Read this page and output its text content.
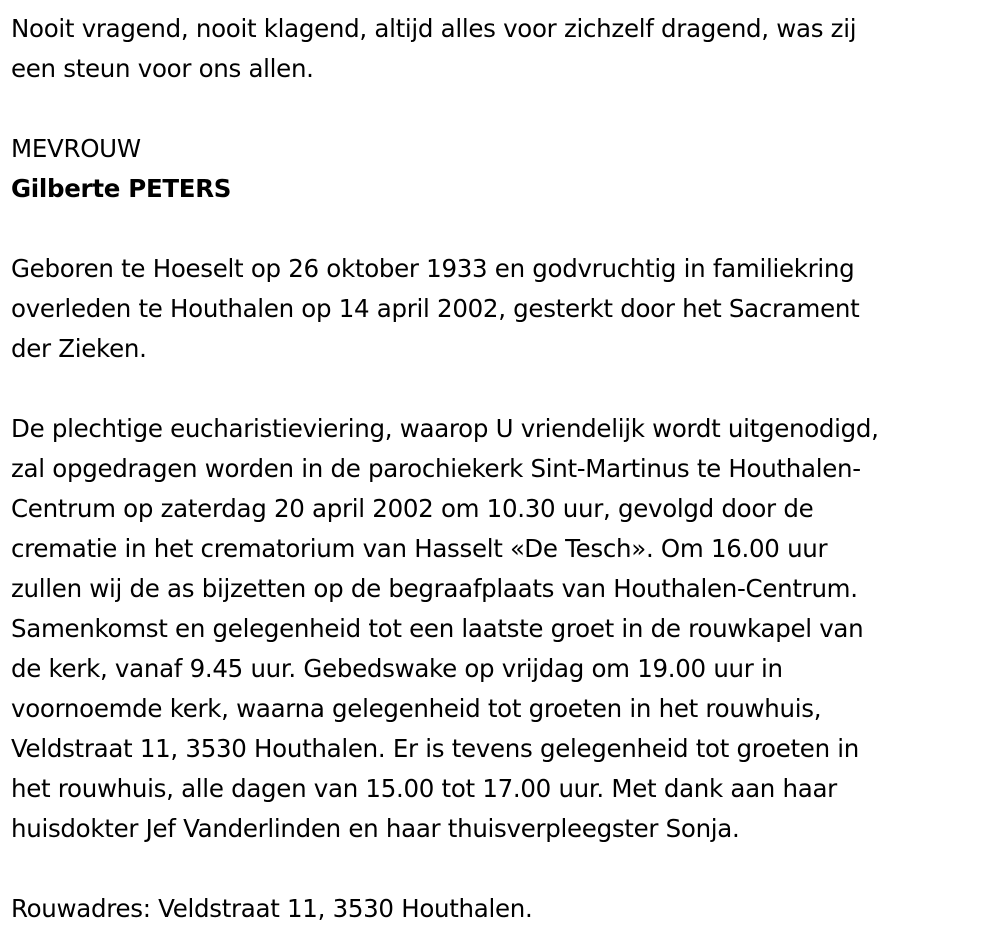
Nooit vragend, nooit klagend, altijd alles voor zichzelf dragend, was zij
een steun voor ons allen.

MEVROUW

Gilberte PETERS

Geboren te Hoeselt op 26 oktober 1933 en godvruchtig in familiekring
overleden te Houthalen op 14 april 2002, gesterkt door het Sacrament
der Zieken.

De plechtige eucharistieviering, waarop U vriendelijk wordt uitgenodigd,
zal opgedragen worden in de parochiekerk Sint-Martinus te Houthalen-
Centrum op zaterdag 20 april 2002 om 10.30 uur, gevolgd door de
crematie in het crematorium van Hasselt «De Tesch». Om 16.00 uur
zullen wij de as bijzetten op de begraafplaats van Houthalen-Centrum.
Samenkomst en gelegenheid tot een laatste groet in de rouwkapel van
de kerk, vanaf 9.45 uur. Gebedswake op vrijdag om 19.00 uur in
voornoemde kerk, waarna gelegenheid tot groeten in het rouwhuis,
Veldstraat 11, 3530 Houthalen. Er is tevens gelegenheid tot groeten in
het rouwhuis, alle dagen van 15.00 tot 17.00 uur. Met dank aan haar
huisdokter Jef Vanderlinden en haar thuisverpleegster Sonja.

Rouwadres: Veldstraat 11, 3530 Houthalen.
